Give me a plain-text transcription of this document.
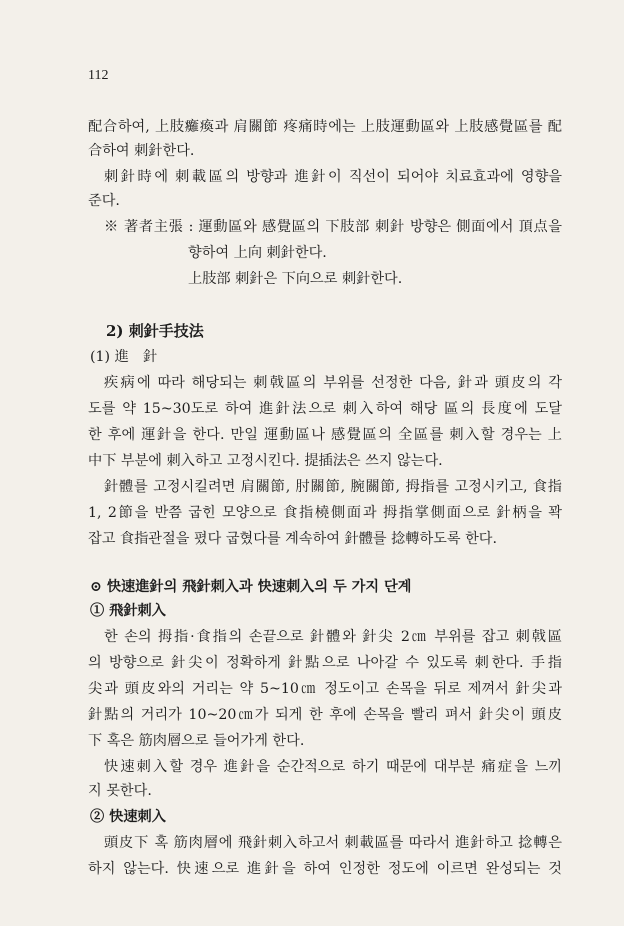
112
配合하여, 上肢癱瘓과 肩關節 疼痛時에는 上肢運動區와 上肢感覺區를 配
合하여 刺針한다.
刺針時에 刺載區의 방향과 進針이 직선이 되어야 치료효과에 영향을
준다.
※ 著者主張 : 運動區와 感覺區의 下肢部 刺針 방향은 側面에서 頂点을
향하여 上向 刺針한다.
上肢部 刺針은 下向으로 刺針한다.
2) 刺針手技法
(1) 進　針
疾病에 따라 해당되는 刺戟區의 부위를 선정한 다음, 針과 頭皮의 각
도를 약 15~30도로 하여 進針法으로 刺入하여 해당 區의 長度에 도달
한 후에 運針을 한다. 만일 運動區나 感覺區의 全區를 刺入할 경우는 上
中下 부분에 刺入하고 고정시킨다. 提插法은 쓰지 않는다.
針體를 고정시킬려면 肩關節, 肘關節, 腕關節, 拇指를 고정시키고, 食指
1, 2節을 반쯤 굽힌 모양으로 食指橈側面과 拇指掌側面으로 針柄을 꽉
잡고 食指관절을 폈다 굽혔다를 계속하여 針體를 捻轉하도록 한다.
⊙ 快速進針의 飛針刺入과 快速刺入의 두 가지 단계
① 飛針刺入
한 손의 拇指·食指의 손끝으로 針體와 針尖 2㎝ 부위를 잡고 刺戟區
의 방향으로 針尖이 정확하게 針點으로 나아갈 수 있도록 刺한다. 手指
尖과 頭皮와의 거리는 약 5~10㎝ 정도이고 손목을 뒤로 제껴서 針尖과
針點의 거리가 10~20㎝가 되게 한 후에 손목을 빨리 펴서 針尖이 頭皮
下 혹은 筋肉層으로 들어가게 한다.
快速刺入할 경우 進針을 순간적으로 하기 때문에 대부분 痛症을 느끼
지 못한다.
② 快速刺入
頭皮下 혹 筋肉層에 飛針刺入하고서 刺載區를 따라서 進針하고 捻轉은
하지 않는다. 快速으로 進針을 하여 인정한 정도에 이르면 완성되는 것
